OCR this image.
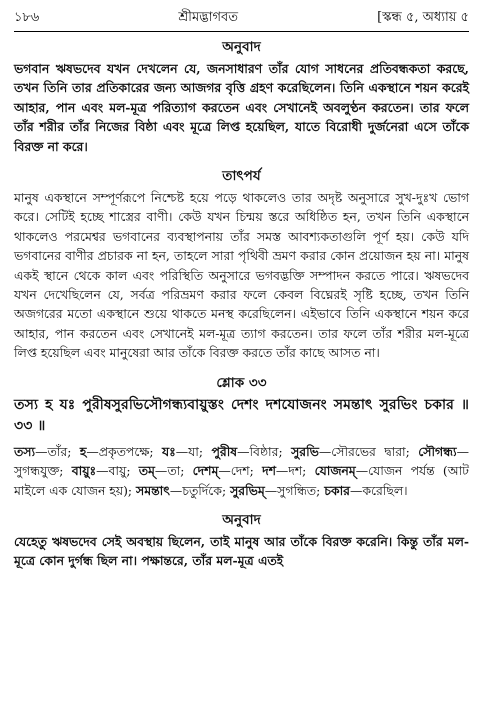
১৮৬	শ্রীমদ্ভাগবত	[স্কন্ধ ৫, অধ্যায় ৫
অনুবাদ
ভগবান ঋষভদেব যখন দেখলেন যে, জনসাধারণ তাঁর যোগ সাধনের প্রতিবন্ধকতা করছে, তখন তিনি তার প্রতিকারের জন্য আজগর বৃত্তি গ্রহণ করেছিলেন। তিনি একস্থানে শয়ন করেই আহার, পান এবং মল-মূত্র পরিত্যাগ করতেন এবং সেখানেই অবলুণ্ঠন করতেন। তার ফলে তাঁর শরীর তাঁর নিজের বিষ্ঠা এবং মূত্রে লিপ্ত হয়েছিল, যাতে বিরোধী দুর্জনেরা এসে তাঁকে বিরক্ত না করে।
তাৎপর্য
মানুষ একস্থানে সম্পূর্ণরূপে নিশ্চেষ্ট হয়ে পড়ে থাকলেও তার অদৃষ্ট অনুসারে সুখ-দুঃখ ভোগ করে। সেটিই হচ্ছে শাস্ত্রের বাণী। কেউ যখন চিন্ময় স্তরে অধিষ্ঠিত হন, তখন তিনি একস্থানে থাকলেও পরমেশ্বর ভগবানের ব্যবস্থাপনায় তাঁর সমস্ত আবশ্যকতাগুলি পূর্ণ হয়। কেউ যদি ভগবানের বাণীর প্রচারক না হন, তাহলে সারা পৃথিবী ভ্রমণ করার কোন প্রয়োজন হয় না। মানুষ একই স্থানে থেকে কাল এবং পরিস্থিতি অনুসারে ভগবদ্ভক্তি সম্পাদন করতে পারে। ঋষভদেব যখন দেখেছিলেন যে, সর্বত্র পরিভ্রমণ করার ফলে কেবল বিঘ্নেরই সৃষ্টি হচ্ছে, তখন তিনি অজগরের মতো একস্থানে শুয়ে থাকতে মনস্থ করেছিলেন। এইভাবে তিনি একস্থানে শয়ন করে আহার, পান করতেন এবং সেখানেই মল-মূত্র ত্যাগ করতেন। তার ফলে তাঁর শরীর মল-মূত্রে লিপ্ত হয়েছিল এবং মানুষেরা আর তাঁকে বিরক্ত করতে তাঁর কাছে আসত না।
শ্লোক ৩৩
তস্য হ যঃ পুরীষসুরভিসৌগন্ধ্যবায়ুস্তং দেশং দশযোজনং সমন্তাৎ সুরভিং চকার ॥ ৩৩ ॥
তস্য—তাঁর; হ—প্রকৃতপক্ষে; যঃ—যা; পুরীষ—বিষ্ঠার; সুরভি—সৌরভের দ্বারা; সৌগন্ধ্য—সুগন্ধযুক্ত; বায়ুঃ—বায়ু; তম্—তা; দেশম্—দেশ; দশ—দশ; যোজনম্—যোজন পর্যন্ত (আট মাইলে এক যোজন হয়); সমন্তাৎ—চতুর্দিকে; সুরভিম্—সুগন্ধিত; চকার—করেছিল।
অনুবাদ
যেহেতু ঋষভদেব সেই অবস্থায় ছিলেন, তাই মানুষ আর তাঁকে বিরক্ত করেনি। কিন্তু তাঁর মল-মূত্রে কোন দুর্গন্ধ ছিল না। পক্ষান্তরে, তাঁর মল-মূত্র এতই
